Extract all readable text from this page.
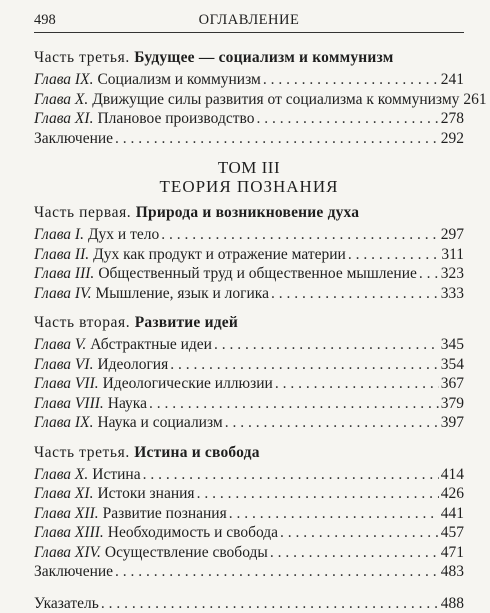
498	ОГЛАВЛЕНИЕ
Часть третья. Будущее — социализм и коммунизм
Глава IX. Социализм и коммунизм . . .	241
Глава X. Движущие силы развития от социализма к коммунизму 261
Глава XI. Плановое производство . . .	278
Заключение . . .	292
ТОМ III
ТЕОРИЯ ПОЗНАНИЯ
Часть первая. Природа и возникновение духа
Глава I. Дух и тело . . .	297
Глава II. Дух как продукт и отражение материи . . .	311
Глава III. Общественный труд и общественное мышление . . . 323
Глава IV. Мышление, язык и логика . . .	333
Часть вторая. Развитие идей
Глава V. Абстрактные идеи . . .	345
Глава VI. Идеология . . .	354
Глава VII. Идеологические иллюзии . . .	367
Глава VIII. Наука . . .	379
Глава IX. Наука и социализм . . .	397
Часть третья. Истина и свобода
Глава X. Истина . . .	414
Глава XI. Истоки знания . . .	426
Глава XII. Развитие познания . . .	441
Глава XIII. Необходимость и свобода . . .	457
Глава XIV. Осуществление свободы . . .	471
Заключение . . .	483
Указатель . . .	488
